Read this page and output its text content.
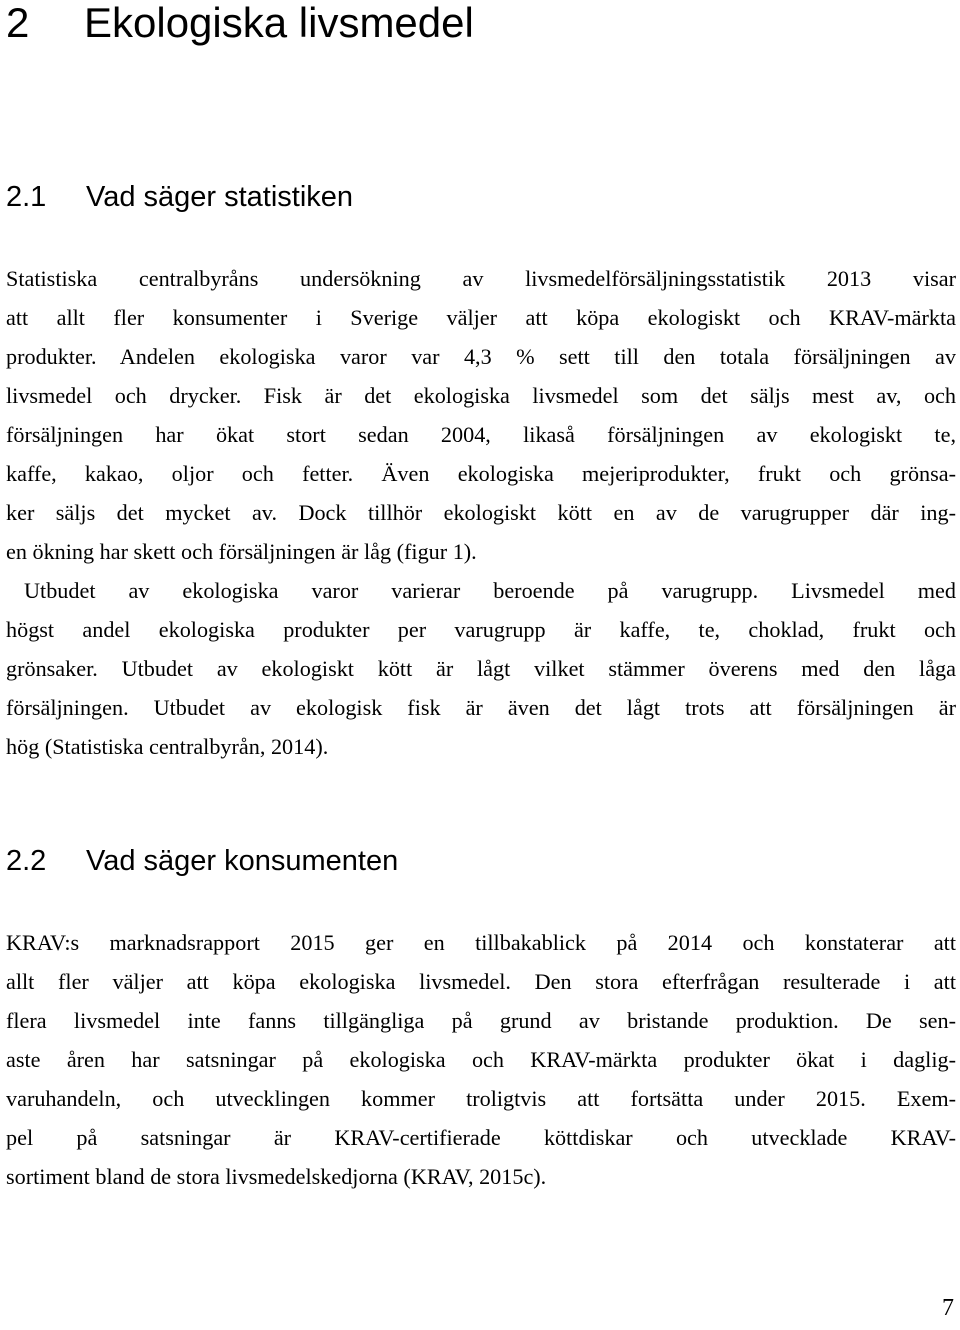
2 Ekologiska livsmedel
2.1 Vad säger statistiken
Statistiska centralbyråns undersökning av livsmedelförsäljningsstatistik 2013 visar
att allt fler konsumenter i Sverige väljer att köpa ekologiskt och KRAV-märkta
produkter. Andelen ekologiska varor var 4,3 % sett till den totala försäljningen av
livsmedel och drycker. Fisk är det ekologiska livsmedel som det säljs mest av, och
försäljningen har ökat stort sedan 2004, likaså försäljningen av ekologiskt te,
kaffe, kakao, oljor och fetter. Även ekologiska mejeriprodukter, frukt och grönsa-
ker säljs det mycket av. Dock tillhör ekologiskt kött en av de varugrupper där ing-
en ökning har skett och försäljningen är låg (figur 1).
Utbudet av ekologiska varor varierar beroende på varugrupp. Livsmedel med
högst andel ekologiska produkter per varugrupp är kaffe, te, choklad, frukt och
grönsaker. Utbudet av ekologiskt kött är lågt vilket stämmer överens med den låga
försäljningen. Utbudet av ekologisk fisk är även det lågt trots att försäljningen är
hög (Statistiska centralbyrån, 2014).
2.2 Vad säger konsumenten
KRAV:s marknadsrapport 2015 ger en tillbakablick på 2014 och konstaterar att
allt fler väljer att köpa ekologiska livsmedel. Den stora efterfrågan resulterade i att
flera livsmedel inte fanns tillgängliga på grund av bristande produktion. De sen-
aste åren har satsningar på ekologiska och KRAV-märkta produkter ökat i daglig-
varuhandeln, och utvecklingen kommer troligtvis att fortsätta under 2015. Exem-
pel på satsningar är KRAV-certifierade köttdiskar och utvecklade KRAV-
sortiment bland de stora livsmedelskedjorna (KRAV, 2015c).
7
